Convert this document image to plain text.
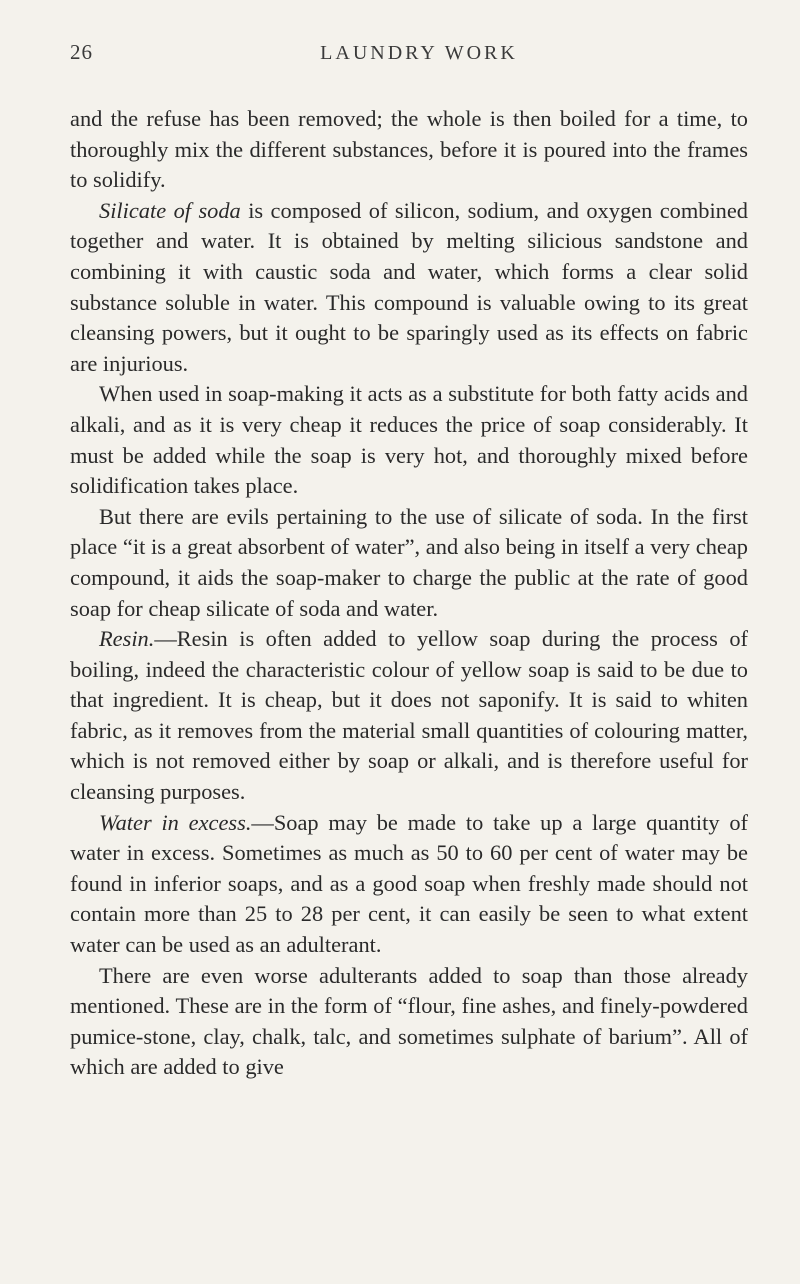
26	LAUNDRY WORK

and the refuse has been removed; the whole is then boiled for a time, to thoroughly mix the different substances, before it is poured into the frames to solidify.

Silicate of soda is composed of silicon, sodium, and oxygen combined together and water. It is obtained by melting silicious sandstone and combining it with caustic soda and water, which forms a clear solid substance soluble in water. This compound is valuable owing to its great cleansing powers, but it ought to be sparingly used as its effects on fabric are injurious.

When used in soap-making it acts as a substitute for both fatty acids and alkali, and as it is very cheap it reduces the price of soap considerably. It must be added while the soap is very hot, and thoroughly mixed before solidification takes place.

But there are evils pertaining to the use of silicate of soda. In the first place “it is a great absorbent of water”, and also being in itself a very cheap compound, it aids the soap-maker to charge the public at the rate of good soap for cheap silicate of soda and water.

Resin.—Resin is often added to yellow soap during the process of boiling, indeed the characteristic colour of yellow soap is said to be due to that ingredient. It is cheap, but it does not saponify. It is said to whiten fabric, as it removes from the material small quantities of colouring matter, which is not removed either by soap or alkali, and is therefore useful for cleansing purposes.

Water in excess.—Soap may be made to take up a large quantity of water in excess. Sometimes as much as 50 to 60 per cent of water may be found in inferior soaps, and as a good soap when freshly made should not contain more than 25 to 28 per cent, it can easily be seen to what extent water can be used as an adulterant.

There are even worse adulterants added to soap than those already mentioned. These are in the form of “flour, fine ashes, and finely-powdered pumice-stone, clay, chalk, talc, and sometimes sulphate of barium”. All of which are added to give
